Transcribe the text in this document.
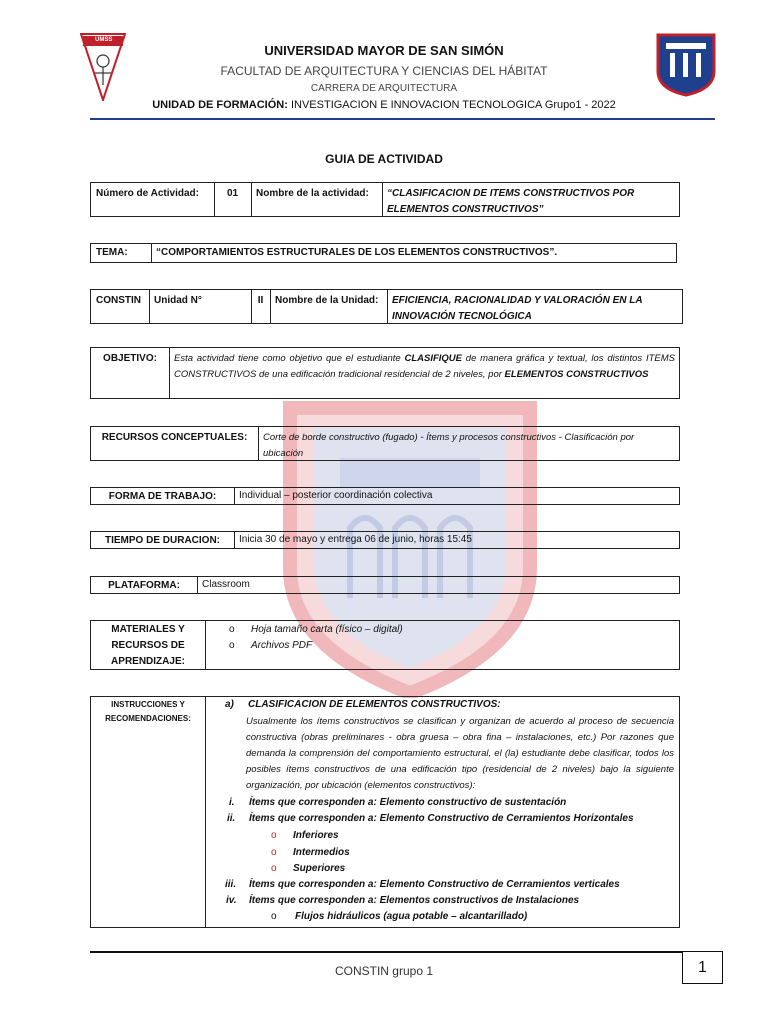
UMSS
UNIVERSIDAD MAYOR DE SAN SIMÓN
FACULTAD DE ARQUITECTURA Y CIENCIAS DEL HÁBITAT
CARRERA DE ARQUITECTURA
UNIDAD DE FORMACIÓN: INVESTIGACION E INNOVACION TECNOLOGICA Grupo1 - 2022
GUIA DE ACTIVIDAD
Número de Actividad:	01	Nombre de la actividad:	“CLASIFICACION DE ITEMS CONSTRUCTIVOS POR ELEMENTOS CONSTRUCTIVOS”
TEMA:	“COMPORTAMIENTOS ESTRUCTURALES DE LOS ELEMENTOS CONSTRUCTIVOS”.
CONSTIN	Unidad N°	II	Nombre de la Unidad:	EFICIENCIA, RACIONALIDAD Y VALORACIÓN EN LA INNOVACIÓN TECNOLÓGICA
OBJETIVO:	Esta actividad tiene como objetivo que el estudiante CLASIFIQUE de manera gráfica y textual, los distintos ITEMS CONSTRUCTIVOS de una edificación tradicional residencial de 2 niveles, por ELEMENTOS CONSTRUCTIVOS
RECURSOS CONCEPTUALES:	Corte de borde constructivo (fugado) - Ítems y procesos constructivos - Clasificación por ubicación
FORMA DE TRABAJO:	Individual – posterior coordinación colectiva
TIEMPO DE DURACION:	Inicia 30 de mayo y entrega 06 de junio, horas 15:45
PLATAFORMA:	Classroom
MATERIALES Y RECURSOS DE APRENDIZAJE:
o Hoja tamaño carta (físico – digital)
o Archivos PDF
INSTRUCCIONES Y RECOMENDACIONES:
a) CLASIFICACION DE ELEMENTOS CONSTRUCTIVOS:
Usualmente los ítems constructivos se clasifican y organizan de acuerdo al proceso de secuencia constructiva (obras preliminares - obra gruesa – obra fina – instalaciones, etc.) Por razones que demanda la comprensión del comportamiento estructural, el (la) estudiante debe clasificar, todos los posibles ítems constructivos de una edificación tipo (residencial de 2 niveles) bajo la siguiente organización, por ubicación (elementos constructivos):
i. Ítems que corresponden a: Elemento constructivo de sustentación
ii. Ítems que corresponden a: Elemento Constructivo de Cerramientos Horizontales
o Inferiores
o Intermedios
o Superiores
iii. Ítems que corresponden a: Elemento Constructivo de Cerramientos verticales
iv. Ítems que corresponden a: Elementos constructivos de Instalaciones
o Flujos hidráulicos (agua potable – alcantarillado)
CONSTIN grupo 1	1
